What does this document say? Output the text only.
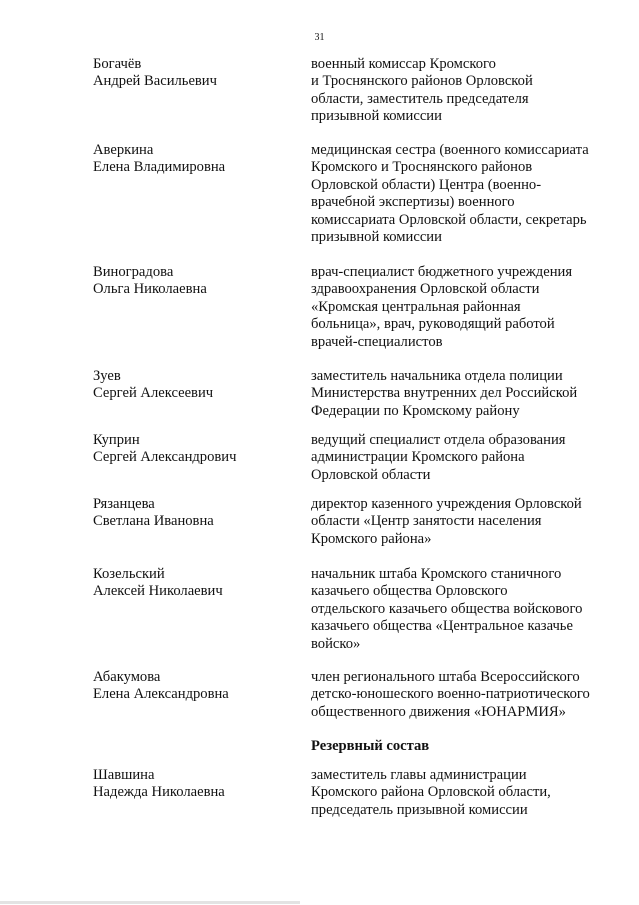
31
Богачёв
Андрей Васильевич
военный комиссар Кромского
и Троснянского районов Орловской
области, заместитель председателя
призывной комиссии
Аверкина
Елена Владимировна
медицинская сестра (военного комиссариата
Кромского и Троснянского районов
Орловской области) Центра (военно-
врачебной экспертизы) военного
комиссариата Орловской области, секретарь
призывной комиссии
Виноградова
Ольга Николаевна
врач-специалист бюджетного учреждения
здравоохранения Орловской области
«Кромская центральная районная
больница», врач, руководящий работой
врачей-специалистов
Зуев
Сергей Алексеевич
заместитель начальника отдела полиции
Министерства внутренних дел Российской
Федерации по Кромскому району
Куприн
Сергей Александрович
ведущий специалист отдела образования
администрации Кромского района
Орловской области
Рязанцева
Светлана Ивановна
директор казенного учреждения Орловской
области «Центр занятости населения
Кромского района»
Козельский
Алексей Николаевич
начальник штаба Кромского станичного
казачьего общества Орловского
отдельского казачьего общества войскового
казачьего общества «Центральное казачье
войско»
Абакумова
Елена Александровна
член регионального штаба Всероссийского
детско-юношеского военно-патриотического
общественного движения «ЮНАРМИЯ»
Резервный состав
Шавшина
Надежда Николаевна
заместитель главы администрации
Кромского района Орловской области,
председатель призывной комиссии
